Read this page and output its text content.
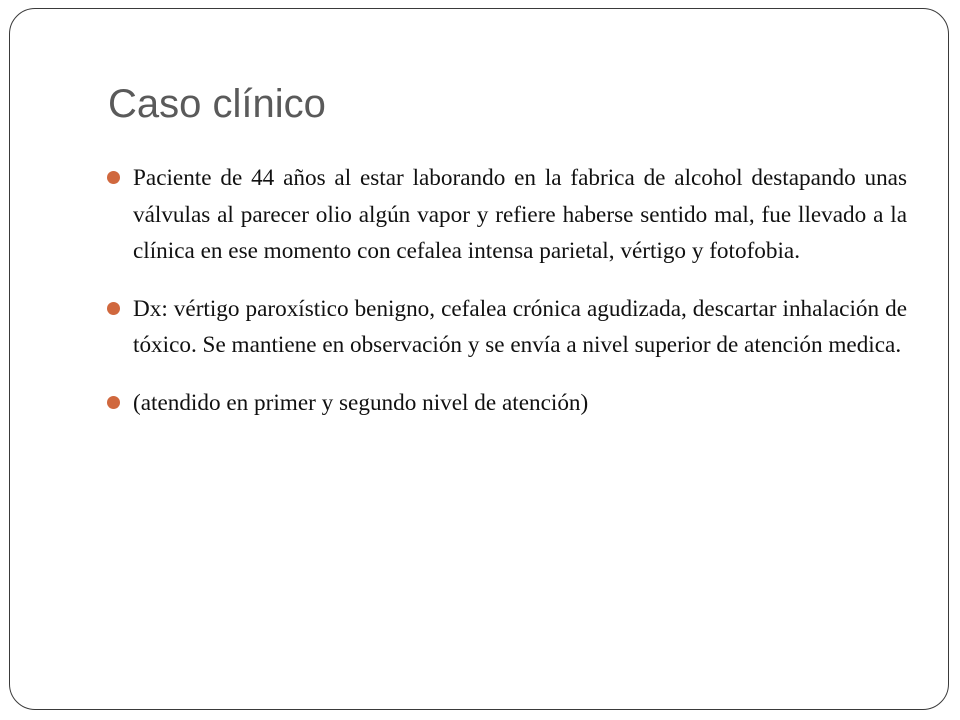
Caso clínico
Paciente de 44 años al estar laborando en la fabrica de alcohol destapando unas válvulas al parecer olio algún vapor y refiere haberse sentido mal, fue llevado a la clínica en ese momento con cefalea intensa parietal, vértigo y fotofobia.
Dx: vértigo paroxístico benigno, cefalea crónica agudizada, descartar inhalación de tóxico. Se mantiene en observación y se envía a nivel superior de atención medica.
(atendido en primer y segundo nivel de atención)
